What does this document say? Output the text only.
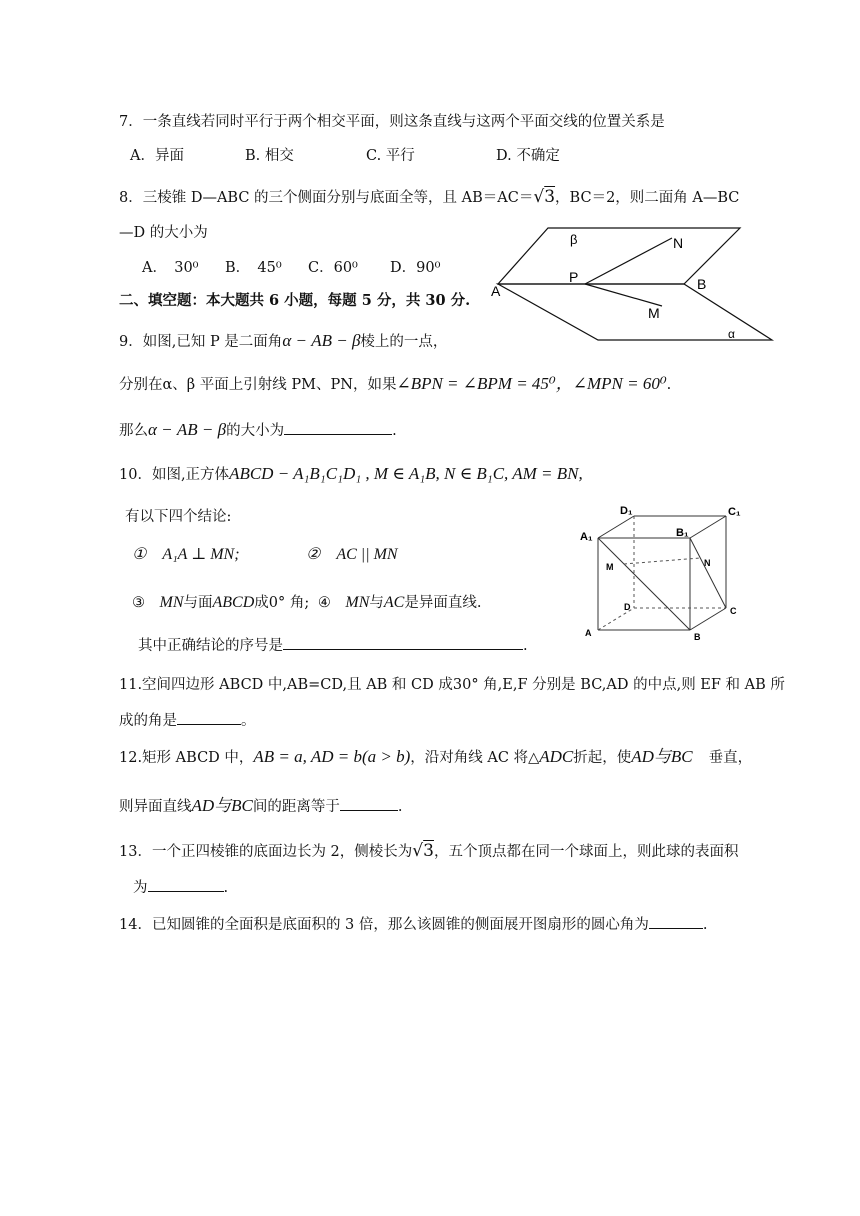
7．一条直线若同时平行于两个相交平面，则这条直线与这两个平面交线的位置关系是
A．异面	B. 相交	C. 平行	D. 不确定
8．三棱锥 D—ABC 的三个侧面分别与底面全等，且 AB＝AC＝√3，BC＝2，则二面角 A—BC
—D 的大小为
A．　30⁰ B．　45⁰ C．60⁰ D．90⁰
二、填空题：本大题共 6 小题，每题 5 分，共 30 分.
β	N
P	B
A
M
α
9．如图,已知 P 是二面角α − AB − β棱上的一点，
分别在α、β 平面上引射线 PM、PN，如果∠BPN = ∠BPM = 45⁰，∠MPN = 60⁰.
那么α − AB − β的大小为	.
10．如图,正方体ABCD − A₁B₁C₁D₁ , M ∈ A₁B, N ∈ B₁C, AM = BN,
有以下四个结论:
①　A₁A ⊥ MN;	②　AC || MN
③　MN与面ABCD成0° 角; ④　MN与AC是异面直线.
其中正确结论的序号是	.
D₁	C₁
A₁	B₁
M	N
D	C
A	B
11.空间四边形 ABCD 中,AB=CD,且 AB 和 CD 成30° 角,E,F 分别是 BC,AD 的中点,则 EF 和 AB 所
成的角是	。
12.矩形 ABCD 中，AB = a, AD = b(a > b)，沿对角线 AC 将△ADC折起，使AD与BC 垂直，
则异面直线AD与BC间的距离等于	.
13．一个正四棱锥的底面边长为 2，侧棱长为√3，五个顶点都在同一个球面上，则此球的表面积
为	.
14．已知圆锥的全面积是底面积的 3 倍，那么该圆锥的侧面展开图扇形的圆心角为	.
